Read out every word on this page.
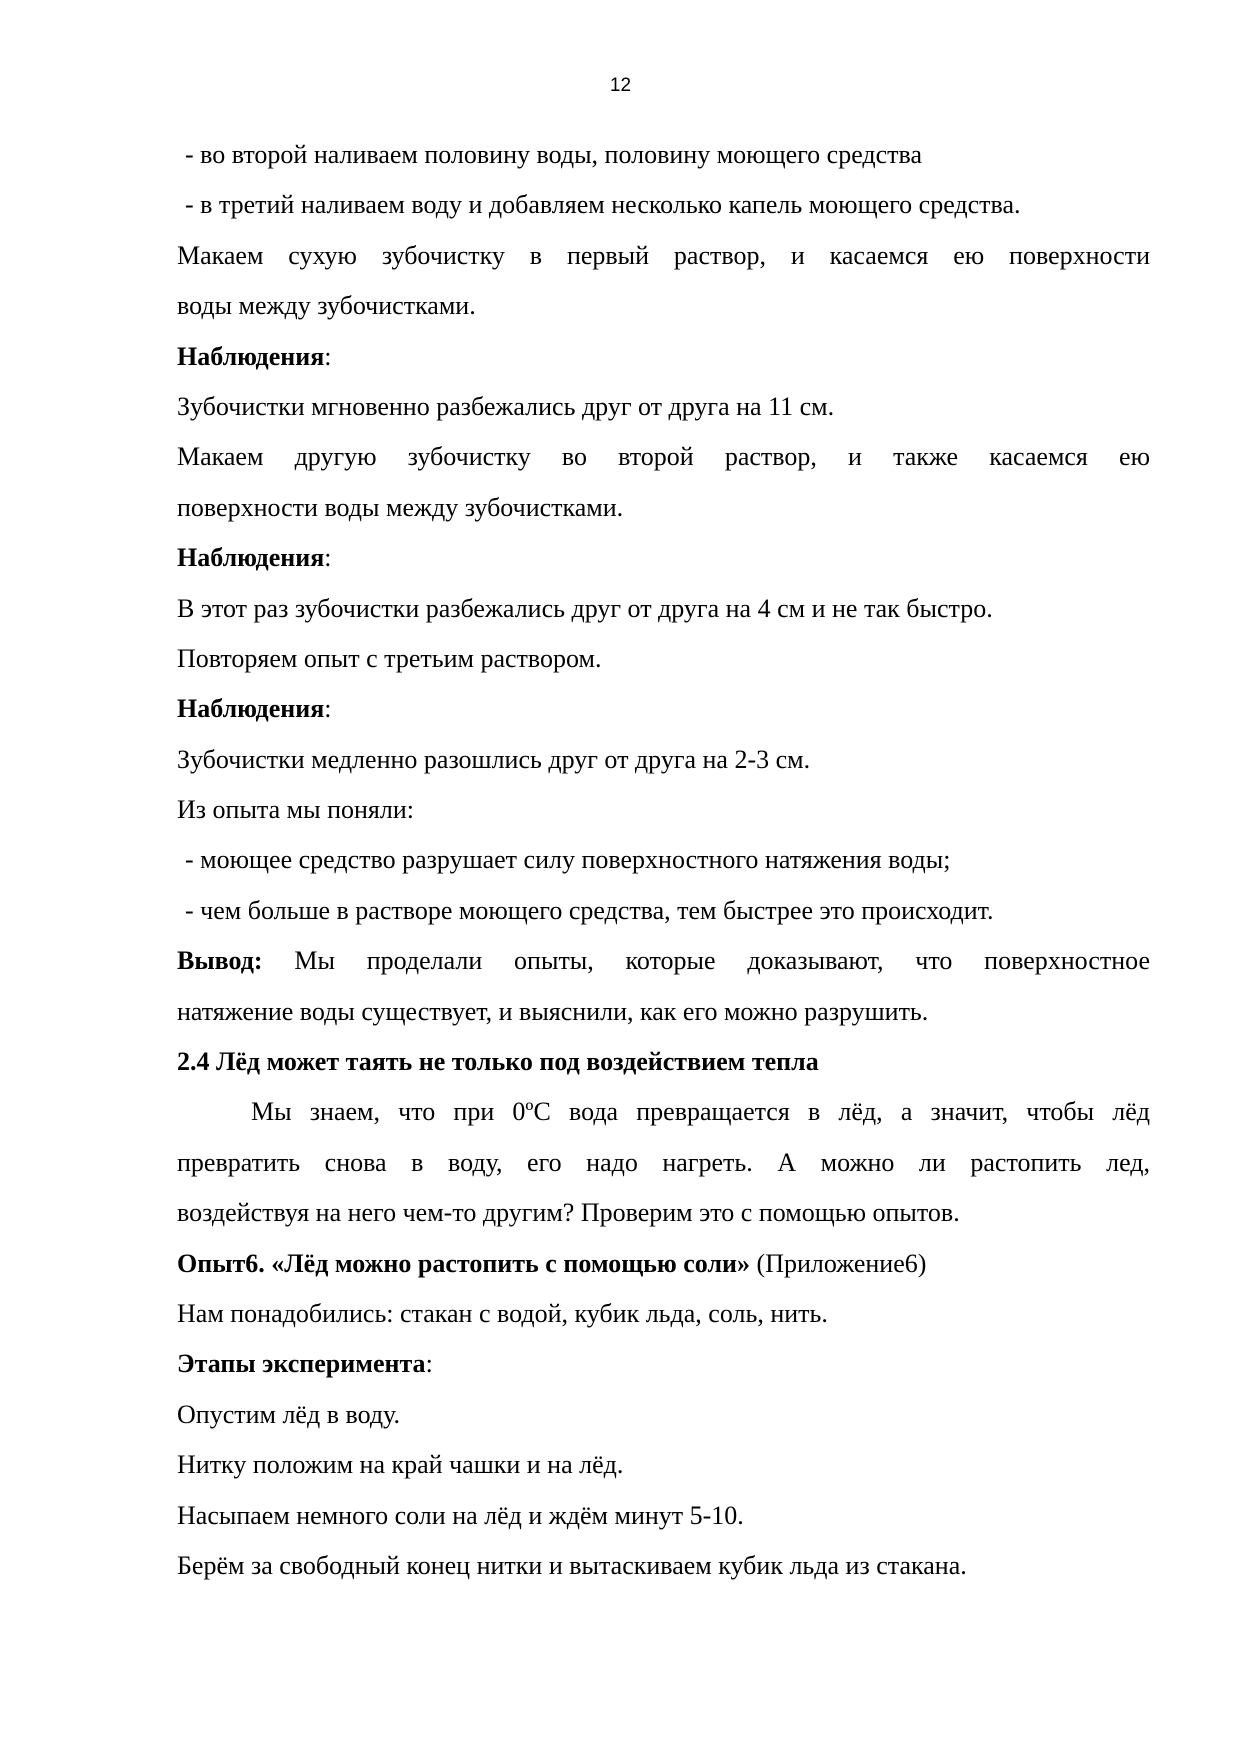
12
- во второй наливаем половину воды, половину моющего средства
- в третий наливаем воду и добавляем несколько капель моющего средства.
Макаем сухую зубочистку в первый раствор, и касаемся ею поверхности
воды между зубочистками.
Наблюдения:
Зубочистки мгновенно разбежались друг от друга на 11 см.
Макаем другую зубочистку во второй раствор, и также касаемся ею
поверхности воды между зубочистками.
Наблюдения:
В этот раз зубочистки разбежались друг от друга на 4 см и не так быстро.
Повторяем опыт с третьим раствором.
Наблюдения:
Зубочистки медленно разошлись друг от друга на 2-3 см.
Из опыта мы поняли:
- моющее средство разрушает силу поверхностного натяжения воды;
- чем больше в растворе моющего средства, тем быстрее это происходит.
Вывод: Мы проделали опыты, которые доказывают, что поверхностное
натяжение воды существует, и выяснили, как его можно разрушить.
2.4 Лёд может таять не только под воздействием тепла
Мы знаем, что при 0ºC вода превращается в лёд, а значит, чтобы лёд
превратить снова в воду, его надо нагреть. А можно ли растопить лед,
воздействуя на него чем-то другим? Проверим это с помощью опытов.
Опыт6. «Лёд можно растопить с помощью соли» (Приложение6)
Нам понадобились: стакан с водой, кубик льда, соль, нить.
Этапы эксперимента:
Опустим лёд в воду.
Нитку положим на край чашки и на лёд.
Насыпаем немного соли на лёд и ждём минут 5-10.
Берём за свободный конец нитки и вытаскиваем кубик льда из стакана.
